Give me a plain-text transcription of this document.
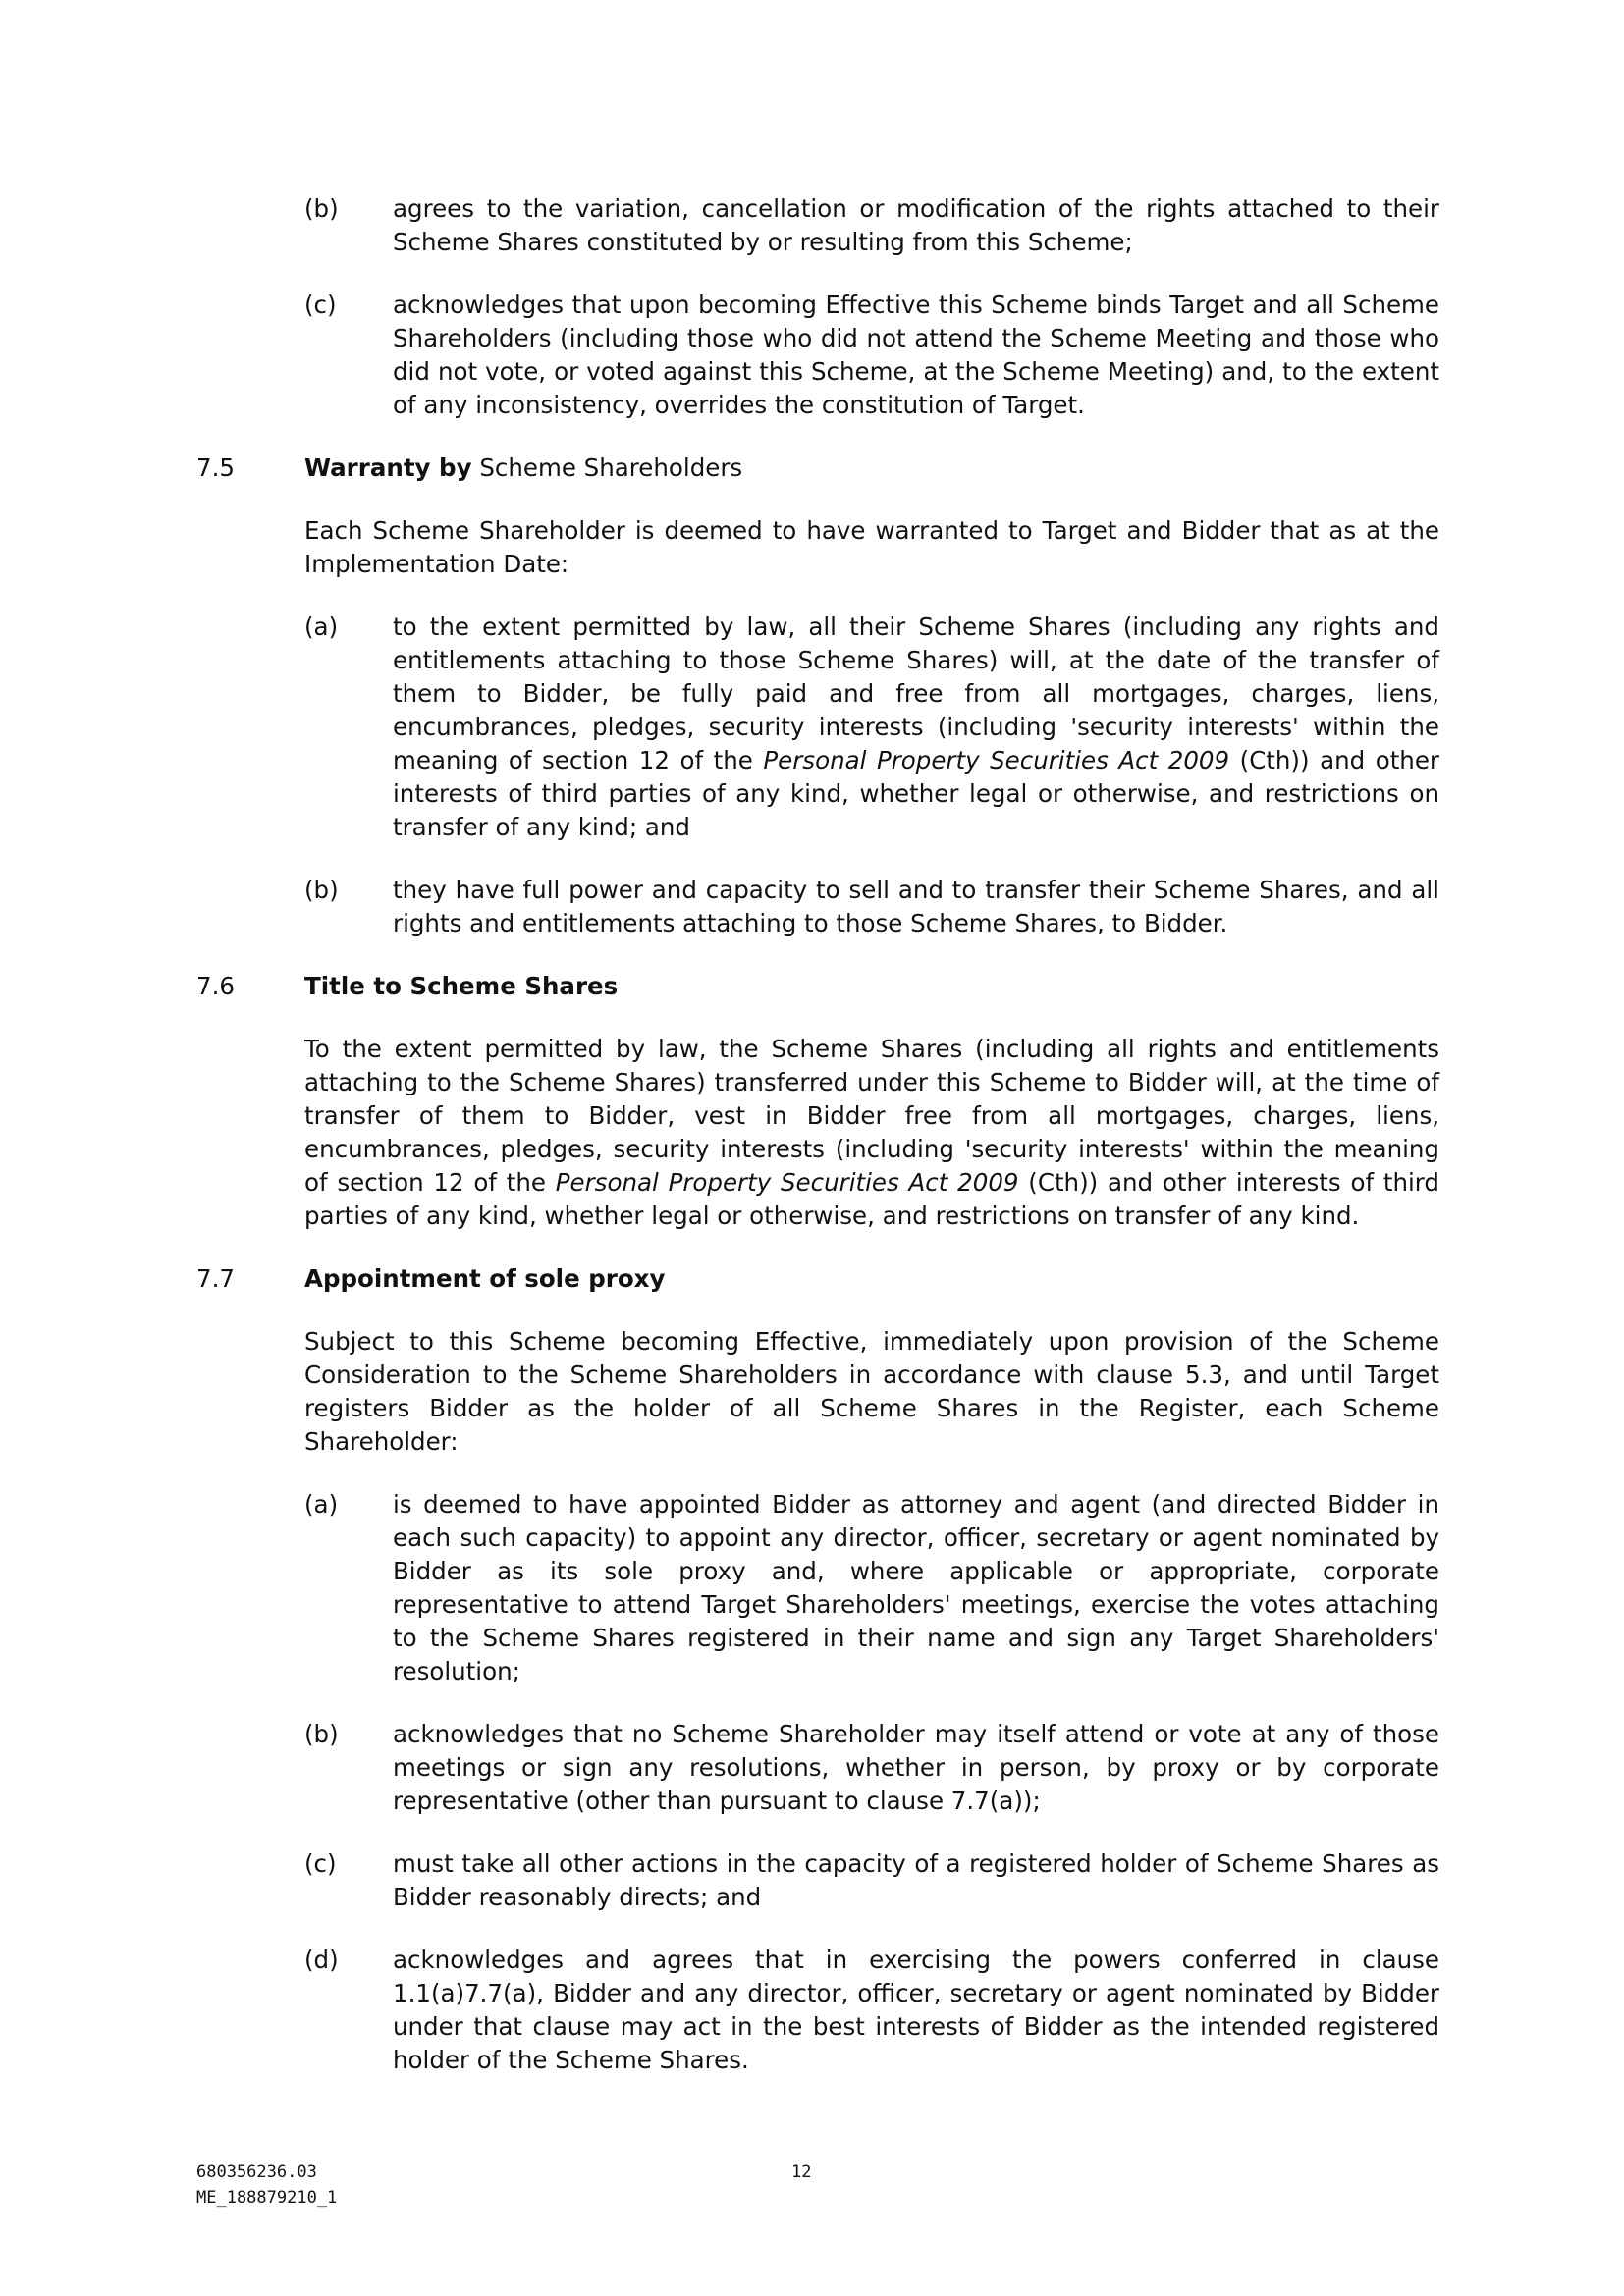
(b) agrees to the variation, cancellation or modification of the rights attached to their Scheme Shares constituted by or resulting from this Scheme;
(c) acknowledges that upon becoming Effective this Scheme binds Target and all Scheme Shareholders (including those who did not attend the Scheme Meeting and those who did not vote, or voted against this Scheme, at the Scheme Meeting) and, to the extent of any inconsistency, overrides the constitution of Target.
7.5	Warranty by Scheme Shareholders
Each Scheme Shareholder is deemed to have warranted to Target and Bidder that as at the Implementation Date:
(a) to the extent permitted by law, all their Scheme Shares (including any rights and entitlements attaching to those Scheme Shares) will, at the date of the transfer of them to Bidder, be fully paid and free from all mortgages, charges, liens, encumbrances, pledges, security interests (including 'security interests' within the meaning of section 12 of the Personal Property Securities Act 2009 (Cth)) and other interests of third parties of any kind, whether legal or otherwise, and restrictions on transfer of any kind; and
(b) they have full power and capacity to sell and to transfer their Scheme Shares, and all rights and entitlements attaching to those Scheme Shares, to Bidder.
7.6	Title to Scheme Shares
To the extent permitted by law, the Scheme Shares (including all rights and entitlements attaching to the Scheme Shares) transferred under this Scheme to Bidder will, at the time of transfer of them to Bidder, vest in Bidder free from all mortgages, charges, liens, encumbrances, pledges, security interests (including 'security interests' within the meaning of section 12 of the Personal Property Securities Act 2009 (Cth)) and other interests of third parties of any kind, whether legal or otherwise, and restrictions on transfer of any kind.
7.7	Appointment of sole proxy
Subject to this Scheme becoming Effective, immediately upon provision of the Scheme Consideration to the Scheme Shareholders in accordance with clause 5.3, and until Target registers Bidder as the holder of all Scheme Shares in the Register, each Scheme Shareholder:
(a) is deemed to have appointed Bidder as attorney and agent (and directed Bidder in each such capacity) to appoint any director, officer, secretary or agent nominated by Bidder as its sole proxy and, where applicable or appropriate, corporate representative to attend Target Shareholders' meetings, exercise the votes attaching to the Scheme Shares registered in their name and sign any Target Shareholders' resolution;
(b) acknowledges that no Scheme Shareholder may itself attend or vote at any of those meetings or sign any resolutions, whether in person, by proxy or by corporate representative (other than pursuant to clause 7.7(a));
(c) must take all other actions in the capacity of a registered holder of Scheme Shares as Bidder reasonably directs; and
(d) acknowledges and agrees that in exercising the powers conferred in clause 1.1(a)7.7(a), Bidder and any director, officer, secretary or agent nominated by Bidder under that clause may act in the best interests of Bidder as the intended registered holder of the Scheme Shares.
680356236.03
ME_188879210_1
12
